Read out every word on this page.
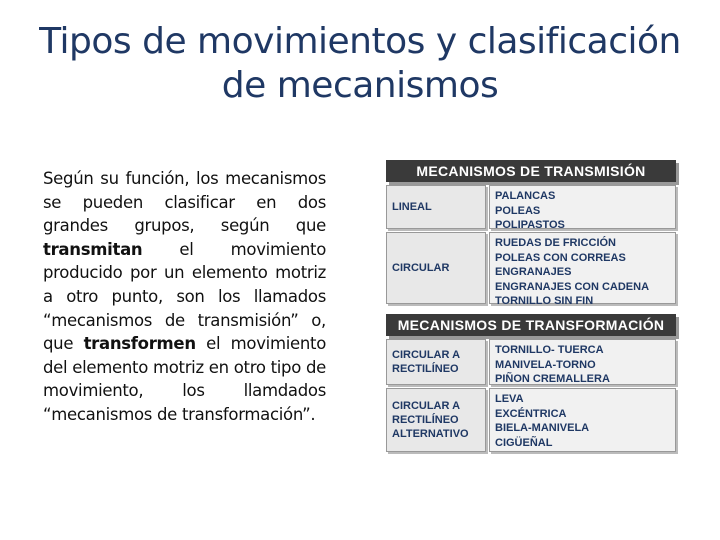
Tipos de movimientos y clasificación
de mecanismos
Según su función, los mecanismos se pueden clasificar en dos grandes grupos, según que transmitan el movimiento producido por un elemento motriz a otro punto, son los llamados “mecanismos de transmisión” o, que transformen el movimiento del elemento motriz en otro tipo de movimiento, los llamdados “mecanismos de transformación”.
MECANISMOS DE TRANSMISIÓN
LINEAL
PALANCAS
POLEAS
POLIPASTOS
CIRCULAR
RUEDAS DE FRICCIÓN
POLEAS CON CORREAS
ENGRANAJES
ENGRANAJES CON CADENA
TORNILLO SIN FIN
MECANISMOS DE TRANSFORMACIÓN
CIRCULAR A
RECTILÍNEO
TORNILLO- TUERCA
MANIVELA-TORNO
PIÑON CREMALLERA
CIRCULAR A
RECTILÍNEO
ALTERNATIVO
LEVA
EXCÉNTRICA
BIELA-MANIVELA
CIGÜEÑAL
